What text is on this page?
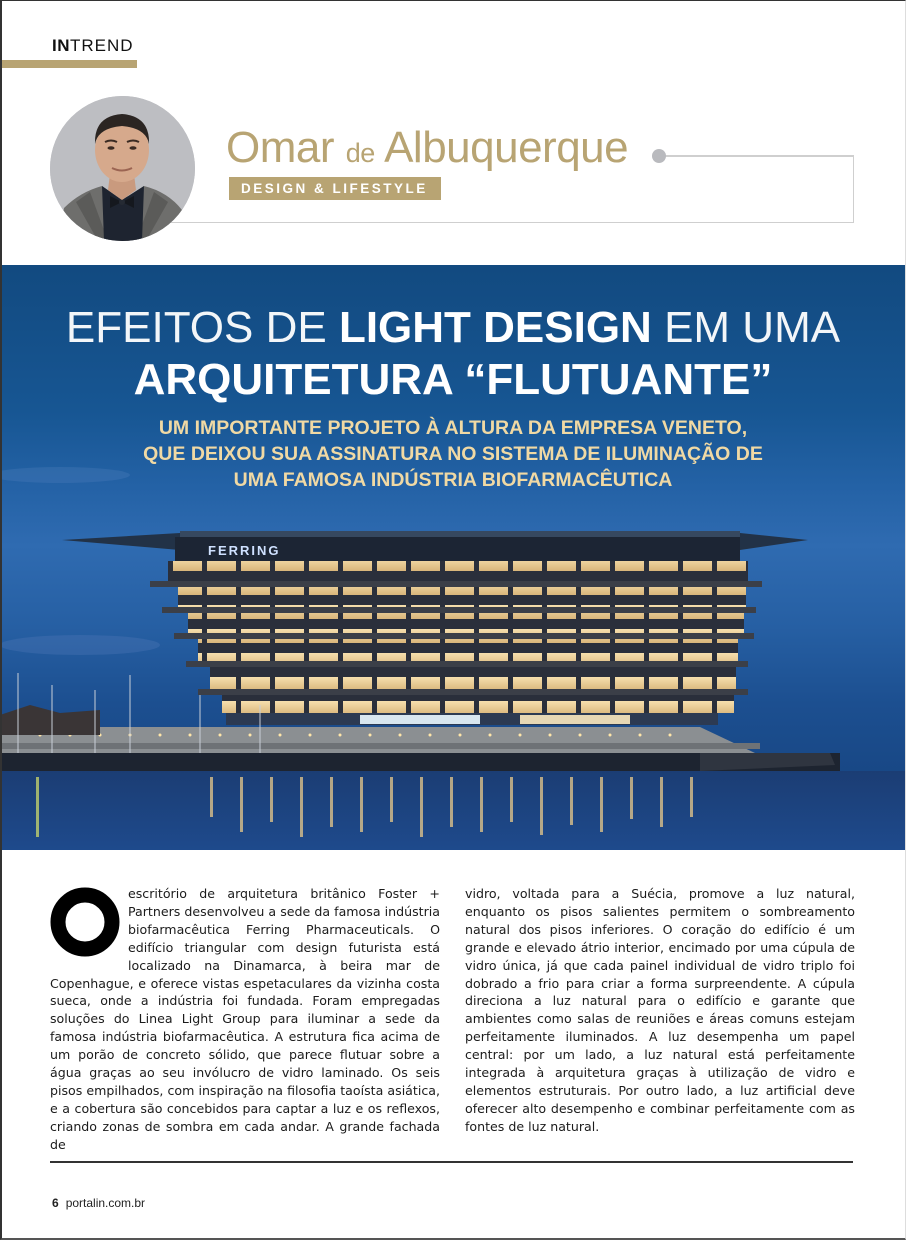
INTREND
Omar de Albuquerque
DESIGN & LIFESTYLE
FERRING
EFEITOS DE LIGHT DESIGN EM UMA
ARQUITETURA “FLUTUANTE”
UM IMPORTANTE PROJETO À ALTURA DA EMPRESA VENETO,
QUE DEIXOU SUA ASSINATURA NO SISTEMA DE ILUMINAÇÃO DE
UMA FAMOSA INDÚSTRIA BIOFARMACÊUTICA
escritório de arquitetura britânico Foster + Partners desenvolveu a sede da famosa indústria biofarmacêutica Ferring Pharmaceuticals. O edifício triangular com design futurista está localizado na Dinamarca, à beira mar de Copenhague, e oferece vistas espetaculares da vizinha costa sueca, onde a indústria foi fundada. Foram empregadas soluções do Linea Light Group para iluminar a sede da famosa indústria biofarmacêutica. A estrutura fica acima de um porão de concreto sólido, que parece flutuar sobre a água graças ao seu invólucro de vidro laminado. Os seis pisos empilhados, com inspiração na filosofia taoísta asiática, e a cobertura são concebidos para captar a luz e os reflexos, criando zonas de sombra em cada andar. A grande fachada de
vidro, voltada para a Suécia, promove a luz natural, enquanto os pisos salientes permitem o sombreamento natural dos pisos inferiores. O coração do edifício é um grande e elevado átrio interior, encimado por uma cúpula de vidro única, já que cada painel individual de vidro triplo foi dobrado a frio para criar a forma surpreendente. A cúpula direciona a luz natural para o edifício e garante que ambientes como salas de reuniões e áreas comuns estejam perfeitamente iluminados. A luz desempenha um papel central: por um lado, a luz natural está perfeitamente integrada à arquitetura graças à utilização de vidro e elementos estruturais. Por outro lado, a luz artificial deve oferecer alto desempenho e combinar perfeitamente com as fontes de luz natural.
6 portalin.com.br
